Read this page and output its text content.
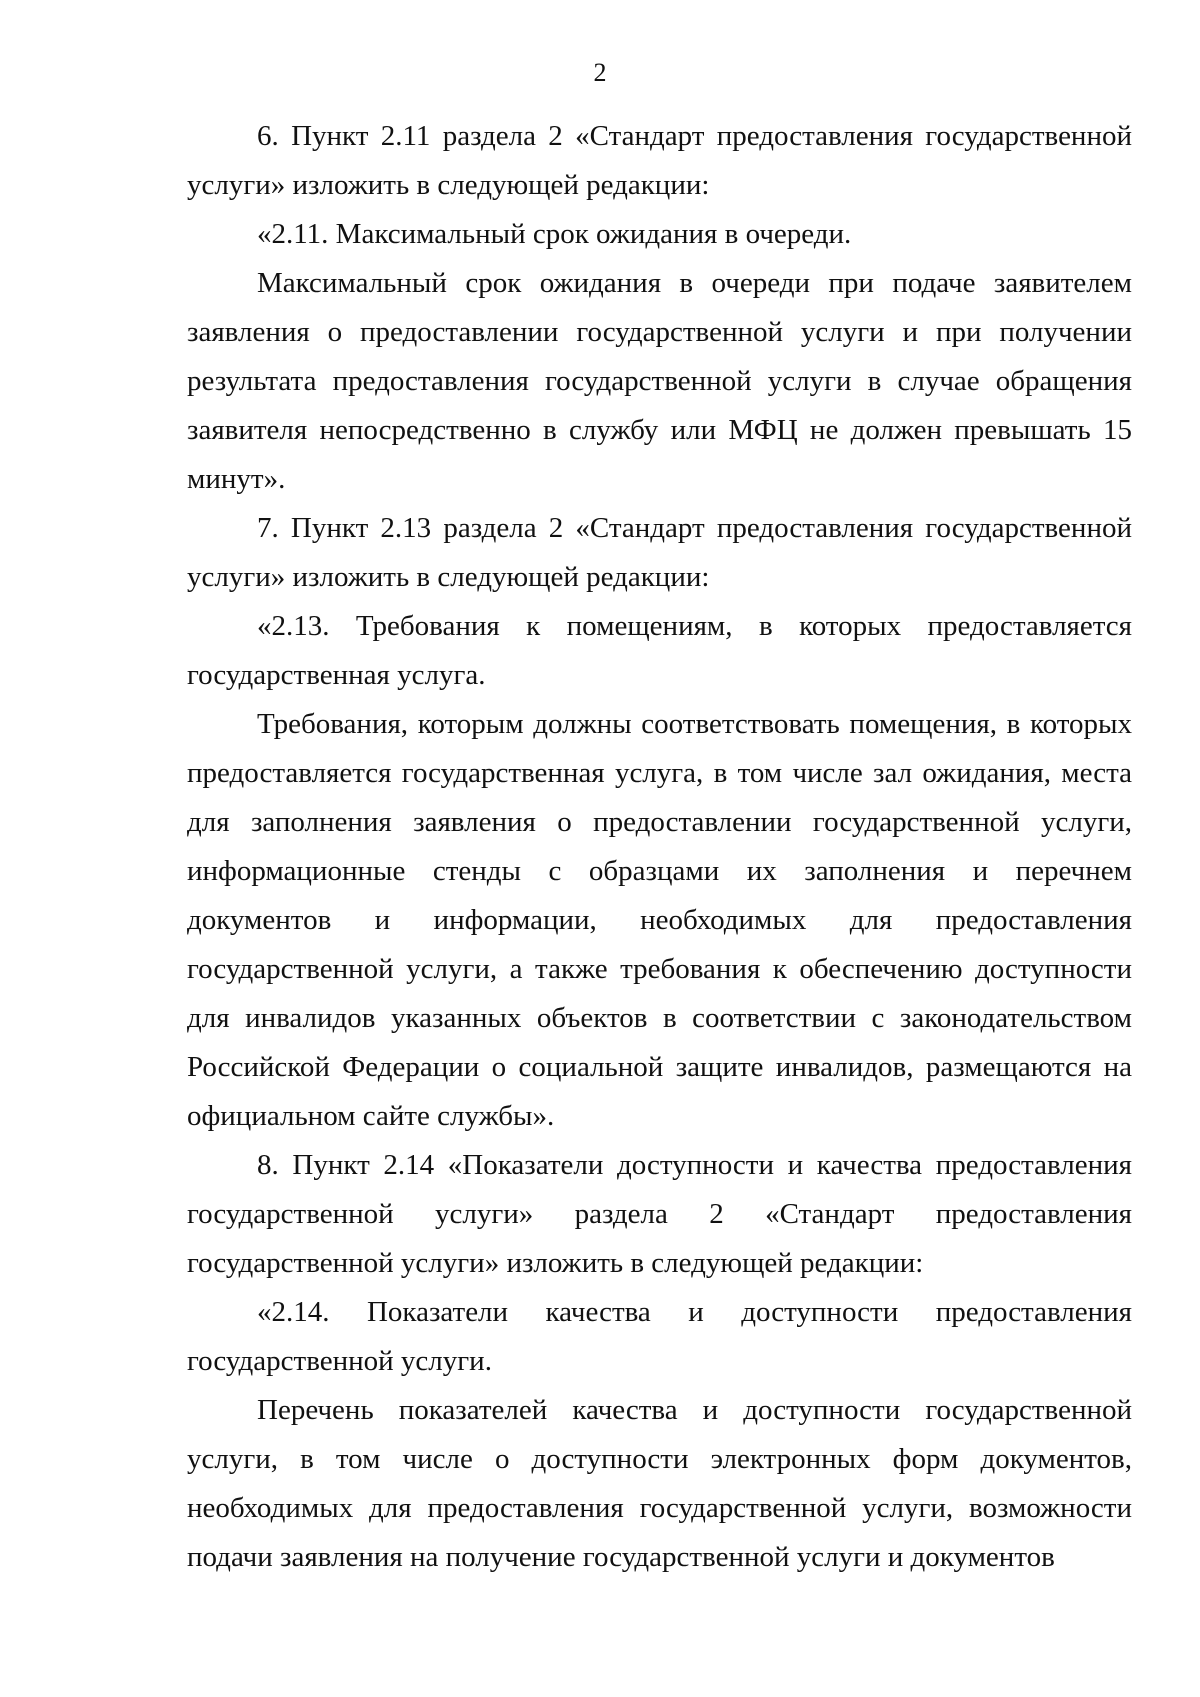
2

6. Пункт 2.11 раздела 2 «Стандарт предоставления государственной услуги» изложить в следующей редакции:

«2.11. Максимальный срок ожидания в очереди.

Максимальный срок ожидания в очереди при подаче заявителем заявления о предоставлении государственной услуги и при получении результата предоставления государственной услуги в случае обращения заявителя непосредственно в службу или МФЦ не должен превышать 15 минут».

7. Пункт 2.13 раздела 2 «Стандарт предоставления государственной услуги» изложить в следующей редакции:

«2.13. Требования к помещениям, в которых предоставляется государственная услуга.

Требования, которым должны соответствовать помещения, в которых предоставляется государственная услуга, в том числе зал ожидания, места для заполнения заявления о предоставлении государственной услуги, информационные стенды с образцами их заполнения и перечнем документов и информации, необходимых для предоставления государственной услуги, а также требования к обеспечению доступности для инвалидов указанных объектов в соответствии с законодательством Российской Федерации о социальной защите инвалидов, размещаются на официальном сайте службы».

8. Пункт 2.14 «Показатели доступности и качества предоставления государственной услуги» раздела 2 «Стандарт предоставления государственной услуги» изложить в следующей редакции:

«2.14. Показатели качества и доступности предоставления государственной услуги.

Перечень показателей качества и доступности государственной услуги, в том числе о доступности электронных форм документов, необходимых для предоставления государственной услуги, возможности подачи заявления на получение государственной услуги и документов
